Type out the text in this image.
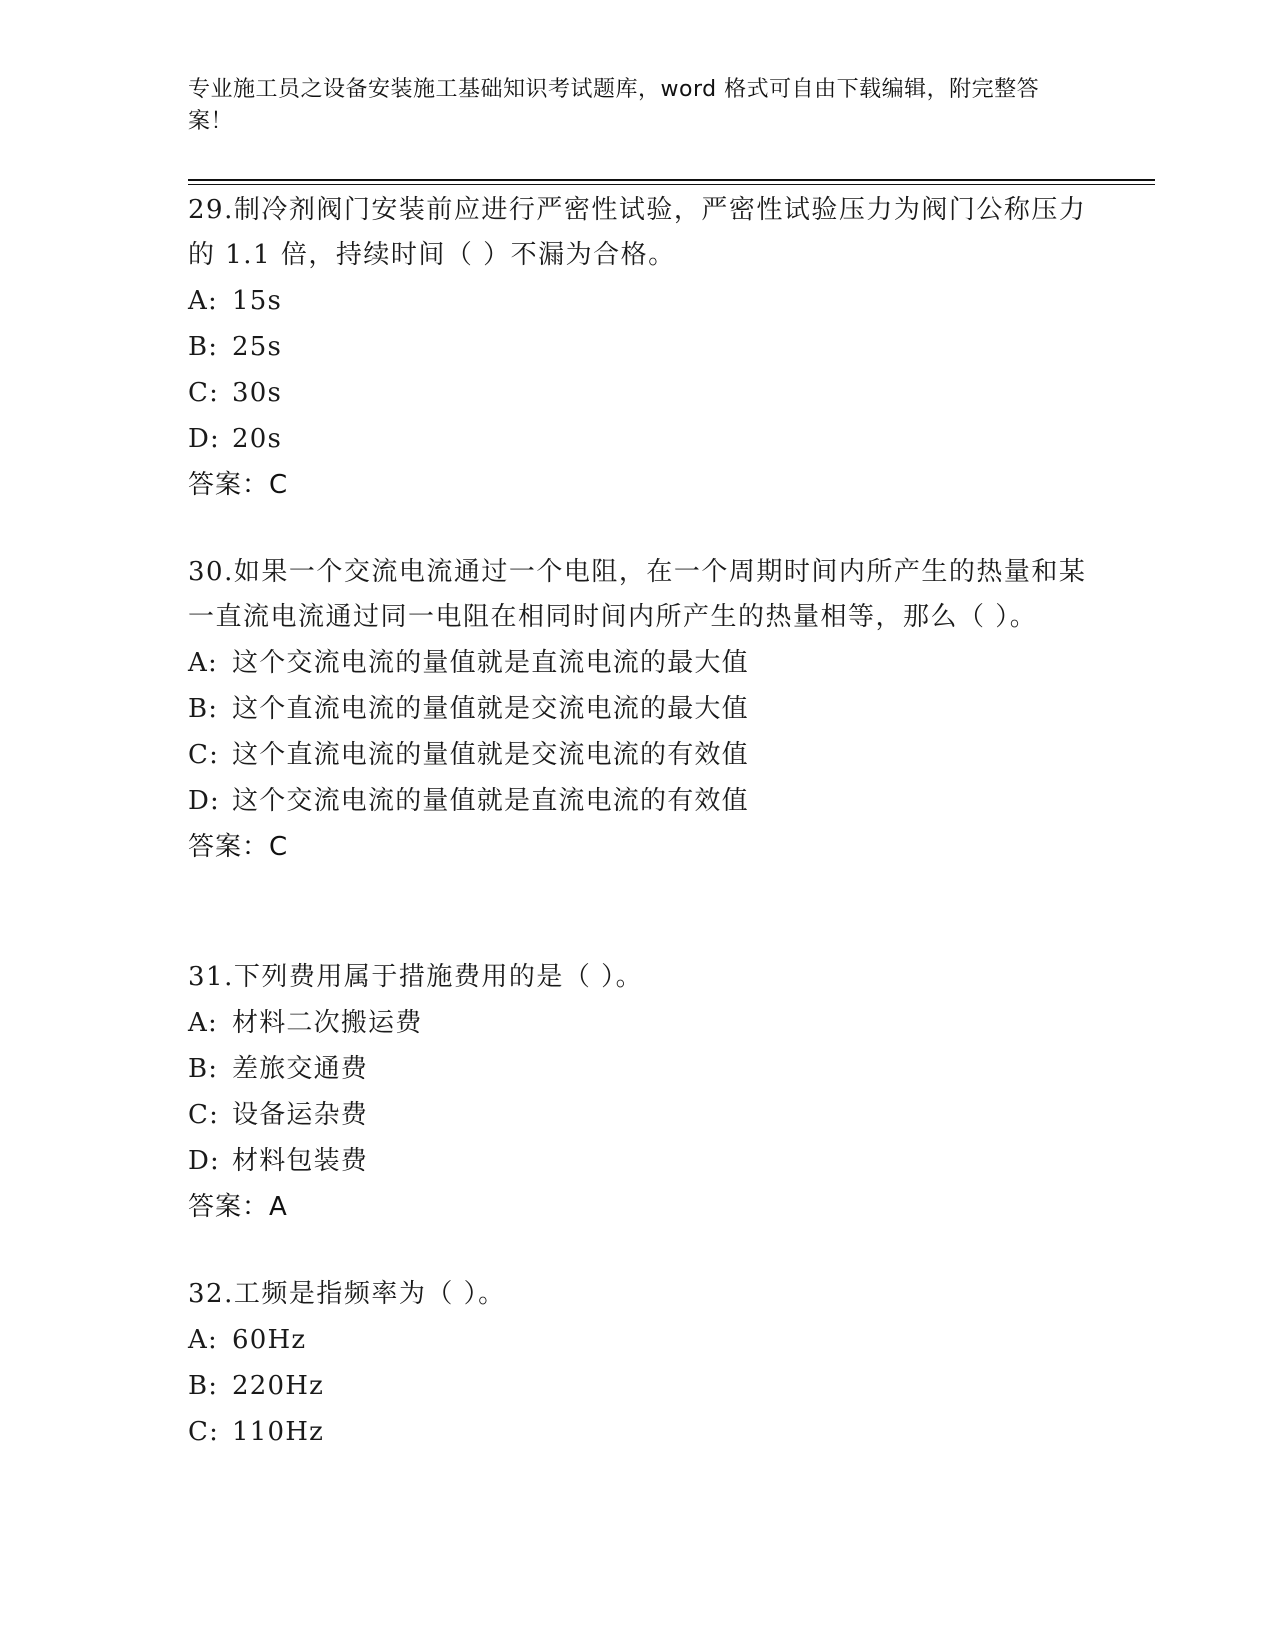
专业施工员之设备安装施工基础知识考试题库，word 格式可自由下载编辑，附完整答案！
29.制冷剂阀门安装前应进行严密性试验，严密性试验压力为阀门公称压力的 1.1 倍，持续时间（ ）不漏为合格。
A: 15s
B: 25s
C: 30s
D: 20s
答案：C
30.如果一个交流电流通过一个电阻，在一个周期时间内所产生的热量和某一直流电流通过同一电阻在相同时间内所产生的热量相等，那么（ ）。
A: 这个交流电流的量值就是直流电流的最大值
B: 这个直流电流的量值就是交流电流的最大值
C: 这个直流电流的量值就是交流电流的有效值
D: 这个交流电流的量值就是直流电流的有效值
答案：C
31.下列费用属于措施费用的是（ ）。
A: 材料二次搬运费
B: 差旅交通费
C: 设备运杂费
D: 材料包装费
答案：A
32.工频是指频率为（ ）。
A: 60Hz
B: 220Hz
C: 110Hz
